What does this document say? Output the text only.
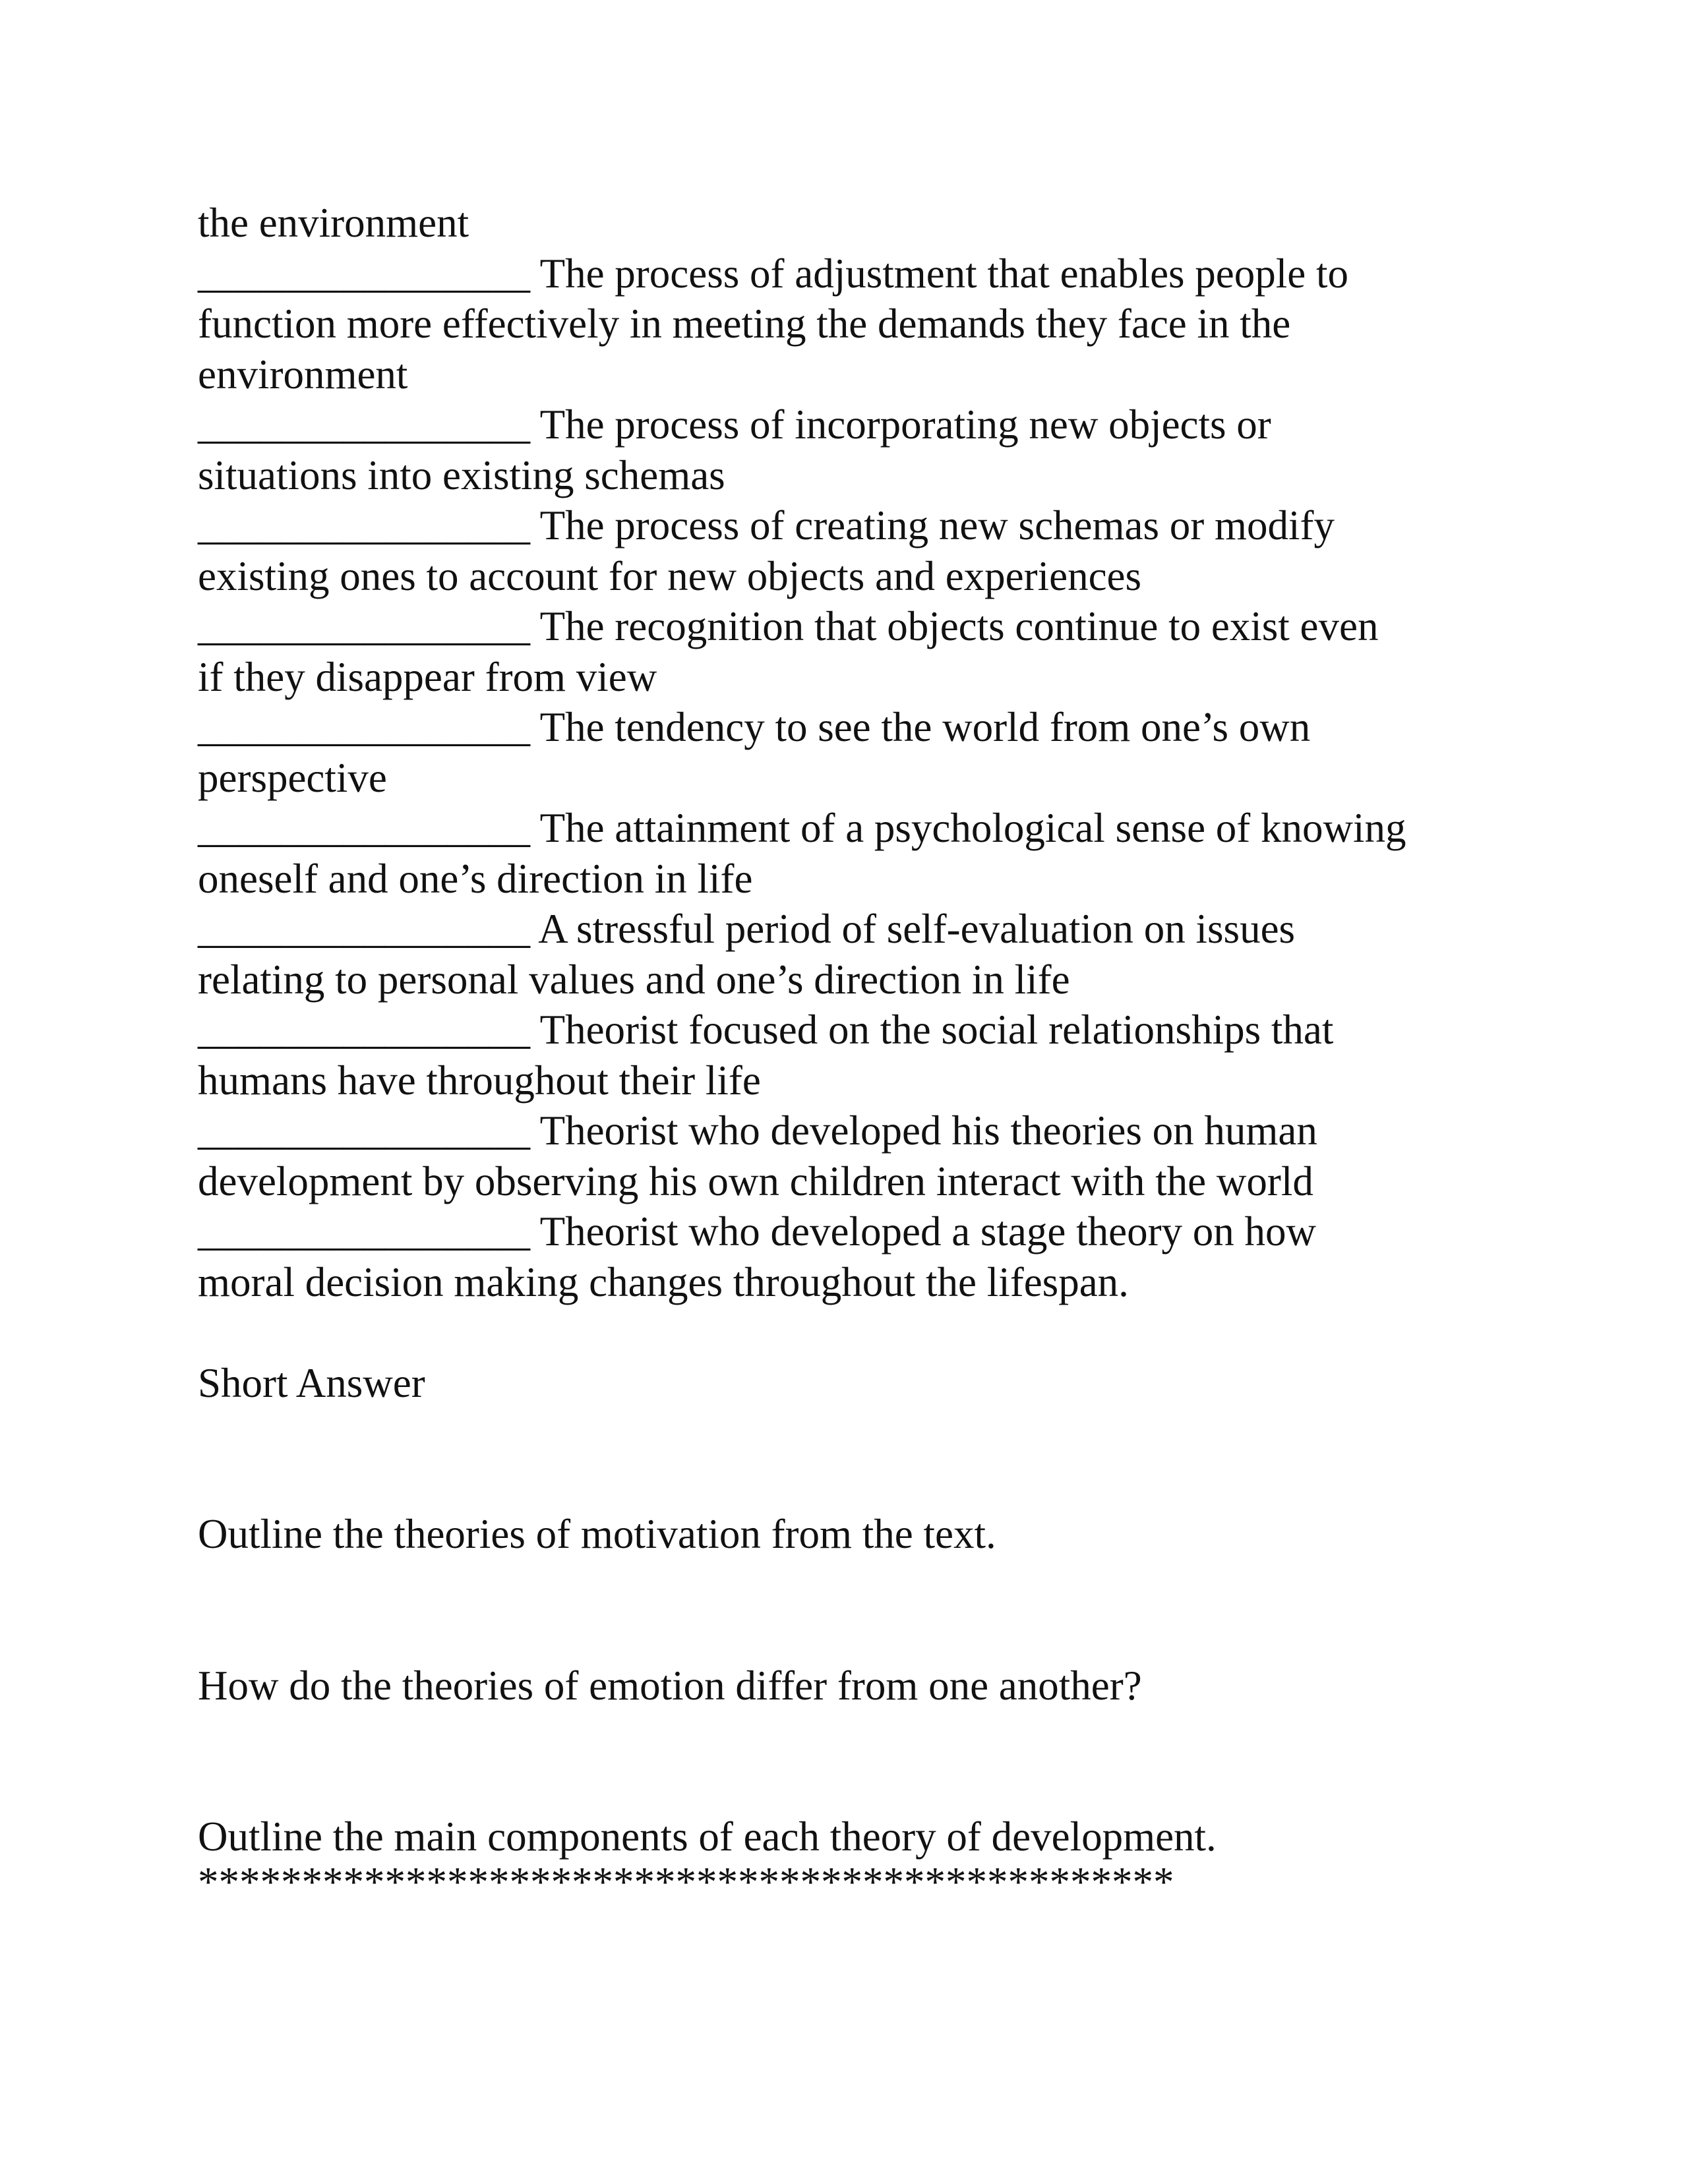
the environment

________________ The process of adjustment that enables people to

function more effectively in meeting the demands they face in the

environment

________________ The process of incorporating new objects or

situations into existing schemas

________________ The process of creating new schemas or modify

existing ones to account for new objects and experiences

________________ The recognition that objects continue to exist even

if they disappear from view

________________ The tendency to see the world from one’s own

perspective

________________ The attainment of a psychological sense of knowing

oneself and one’s direction in life

________________ A stressful period of self-evaluation on issues

relating to personal values and one’s direction in life

________________ Theorist focused on the social relationships that

humans have throughout their life

________________ Theorist who developed his theories on human

development by observing his own children interact with the world

________________ Theorist who developed a stage theory on how

moral decision making changes throughout the lifespan.

Short Answer

Outline the theories of motivation from the text.

How do the theories of emotion differ from one another?

Outline the main components of each theory of development.

***********************************************
